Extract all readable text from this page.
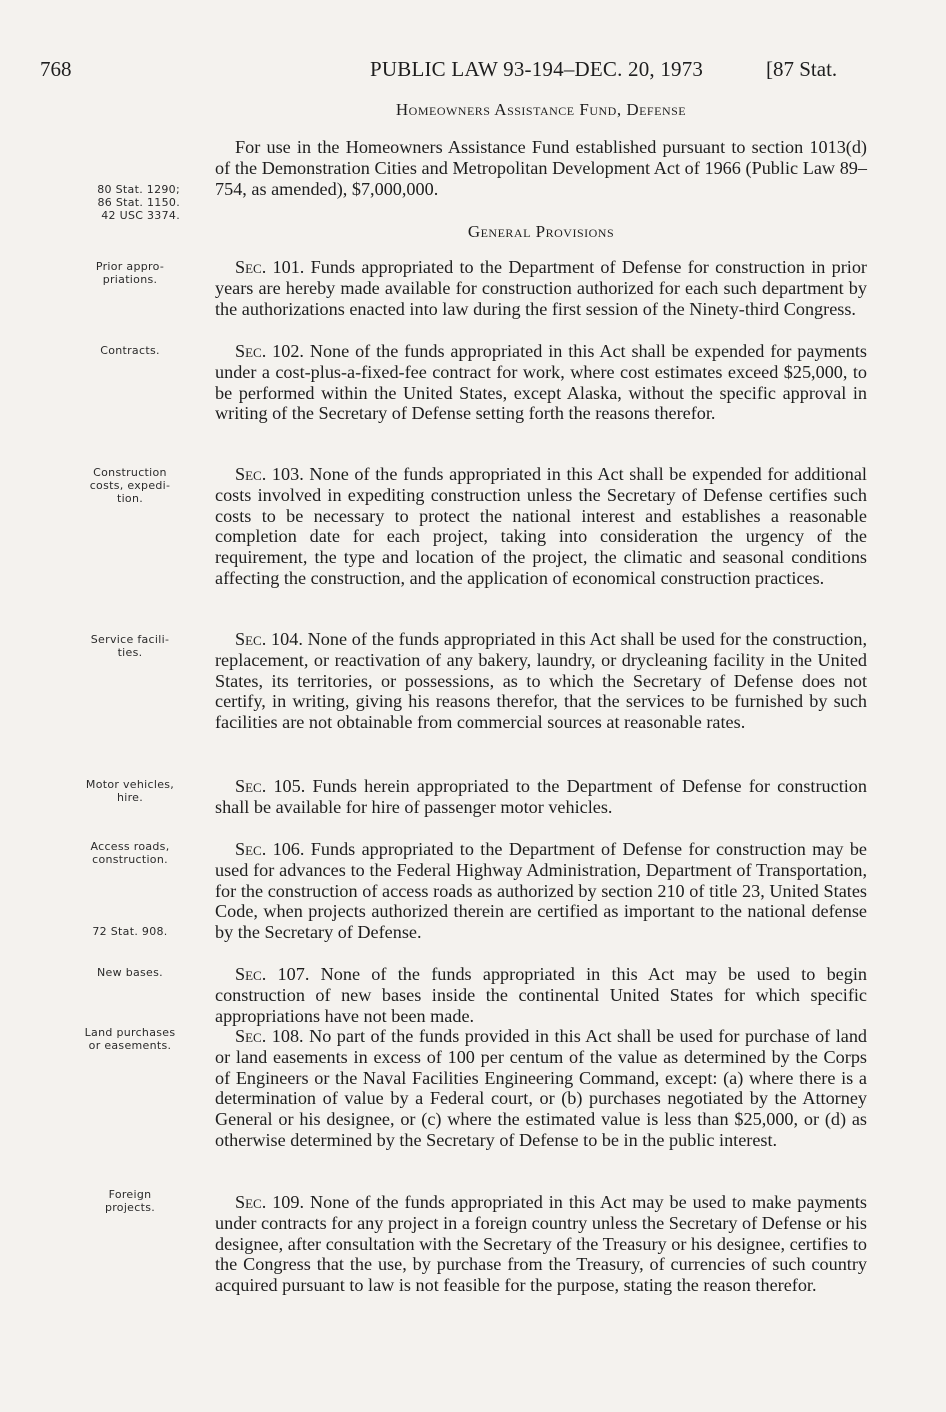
768	PUBLIC LAW 93-194–DEC. 20, 1973	[87 Stat.
Homeowners Assistance Fund, Defense

For use in the Homeowners Assistance Fund established pursuant to section 1013(d) of the Demonstration Cities and Metropolitan Development Act of 1966 (Public Law 89–754, as amended), $7,000,000.

General Provisions

Sec. 101. Funds appropriated to the Department of Defense for construction in prior years are hereby made available for construction authorized for each such department by the authorizations enacted into law during the first session of the Ninety-third Congress.

Sec. 102. None of the funds appropriated in this Act shall be expended for payments under a cost-plus-a-fixed-fee contract for work, where cost estimates exceed $25,000, to be performed within the United States, except Alaska, without the specific approval in writing of the Secretary of Defense setting forth the reasons therefor.

Sec. 103. None of the funds appropriated in this Act shall be expended for additional costs involved in expediting construction unless the Secretary of Defense certifies such costs to be necessary to protect the national interest and establishes a reasonable completion date for each project, taking into consideration the urgency of the requirement, the type and location of the project, the climatic and seasonal conditions affecting the construction, and the application of economical construction practices.

Sec. 104. None of the funds appropriated in this Act shall be used for the construction, replacement, or reactivation of any bakery, laundry, or drycleaning facility in the United States, its territories, or possessions, as to which the Secretary of Defense does not certify, in writing, giving his reasons therefor, that the services to be furnished by such facilities are not obtainable from commercial sources at reasonable rates.

Sec. 105. Funds herein appropriated to the Department of Defense for construction shall be available for hire of passenger motor vehicles.

Sec. 106. Funds appropriated to the Department of Defense for construction may be used for advances to the Federal Highway Administration, Department of Transportation, for the construction of access roads as authorized by section 210 of title 23, United States Code, when projects authorized therein are certified as important to the national defense by the Secretary of Defense.

Sec. 107. None of the funds appropriated in this Act may be used to begin construction of new bases inside the continental United States for which specific appropriations have not been made.

Sec. 108. No part of the funds provided in this Act shall be used for purchase of land or land easements in excess of 100 per centum of the value as determined by the Corps of Engineers or the Naval Facilities Engineering Command, except: (a) where there is a determination of value by a Federal court, or (b) purchases negotiated by the Attorney General or his designee, or (c) where the estimated value is less than $25,000, or (d) as otherwise determined by the Secretary of Defense to be in the public interest.

Sec. 109. None of the funds appropriated in this Act may be used to make payments under contracts for any project in a foreign country unless the Secretary of Defense or his designee, after consultation with the Secretary of the Treasury or his designee, certifies to the Congress that the use, by purchase from the Treasury, of currencies of such country acquired pursuant to law is not feasible for the purpose, stating the reason therefor.

80 Stat. 1290;
86 Stat. 1150.
42 USC 3374.
Prior appro-
priations.
Contracts.
Construction
costs, expedi-
tion.
Service facili-
ties.
Motor vehicles,
hire.
Access roads,
construction.
72 Stat. 908.
New bases.
Land purchases
or easements.
Foreign
projects.
